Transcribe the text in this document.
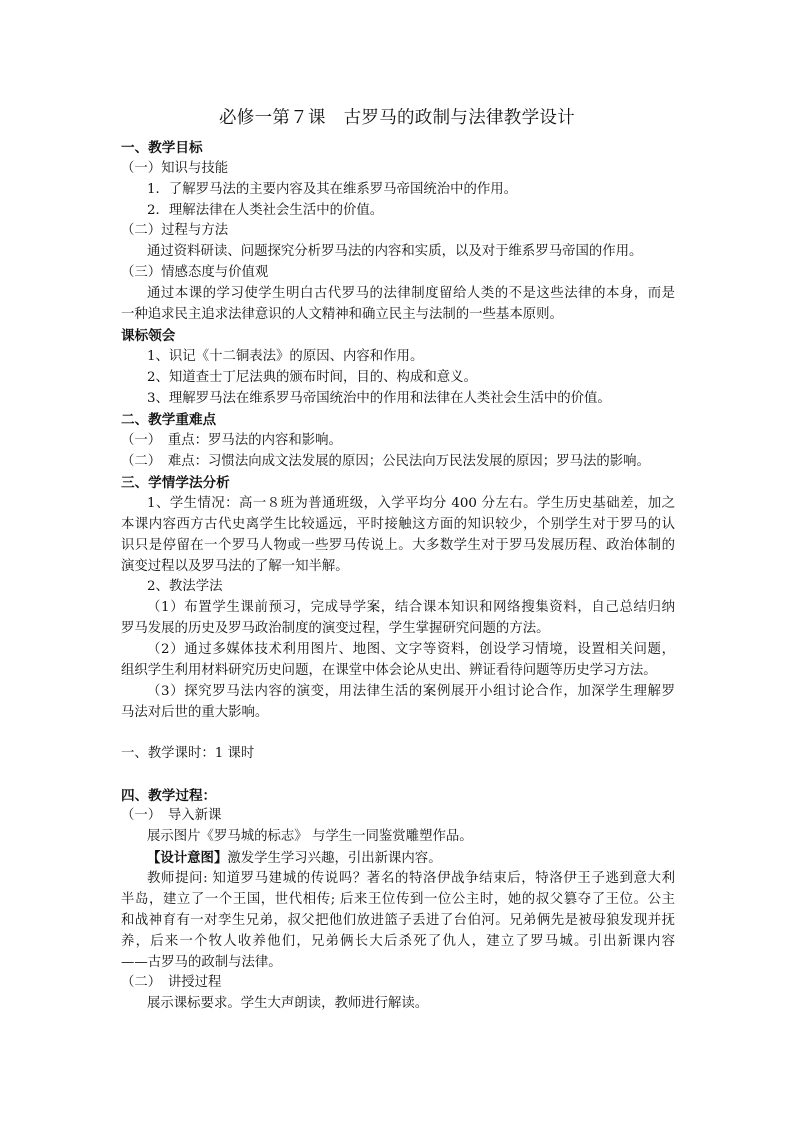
必修一第７课　古罗马的政制与法律教学设计
一、教学目标
（一）知识与技能
1．了解罗马法的主要内容及其在维系罗马帝国统治中的作用。
2．理解法律在人类社会生活中的价值。
（二）过程与方法
通过资料研读、问题探究分析罗马法的内容和实质，以及对于维系罗马帝国的作用。
（三）情感态度与价值观
通过本课的学习使学生明白古代罗马的法律制度留给人类的不是这些法律的本身，而是
一种追求民主追求法律意识的人文精神和确立民主与法制的一些基本原则。
课标领会
1、识记《十二铜表法》的原因、内容和作用。
2、知道查士丁尼法典的颁布时间，目的、构成和意义。
3、理解罗马法在维系罗马帝国统治中的作用和法律在人类社会生活中的价值。
二、教学重难点
（一）　重点：罗马法的内容和影响。
（二）　难点：习惯法向成文法发展的原因；公民法向万民法发展的原因；罗马法的影响。
三、学情学法分析
1、学生情况：高一８班为普通班级，入学平均分 400 分左右。学生历史基础差，加之
本课内容西方古代史离学生比较遥远，平时接触这方面的知识较少，个别学生对于罗马的认
识只是停留在一个罗马人物或一些罗马传说上。大多数学生对于罗马发展历程、政治体制的
演变过程以及罗马法的了解一知半解。
2、教法学法
（1）布置学生课前预习，完成导学案，结合课本知识和网络搜集资料，自己总结归纳
罗马发展的历史及罗马政治制度的演变过程，学生掌握研究问题的方法。
（2）通过多媒体技术利用图片、地图、文字等资料，创设学习情境，设置相关问题，
组织学生利用材料研究历史问题，在课堂中体会论从史出、辨证看待问题等历史学习方法。
（3）探究罗马法内容的演变，用法律生活的案例展开小组讨论合作，加深学生理解罗
马法对后世的重大影响。
一、教学课时：1 课时
四、教学过程：
（一）　导入新课
展示图片《罗马城的标志》 与学生一同鉴赏雕塑作品。
【设计意图】激发学生学习兴趣，引出新课内容。
教师提问: 知道罗马建城的传说吗？著名的特洛伊战争结束后，特洛伊王子逃到意大利
半岛，建立了一个王国，世代相传; 后来王位传到一位公主时，她的叔父篡夺了王位。公主
和战神育有一对孪生兄弟，叔父把他们放进篮子丢进了台伯河。兄弟俩先是被母狼发现并抚
养，后来一个牧人收养他们，兄弟俩长大后杀死了仇人，建立了罗马城。引出新课内容
——古罗马的政制与法律。
（二）　讲授过程
展示课标要求。学生大声朗读，教师进行解读。
